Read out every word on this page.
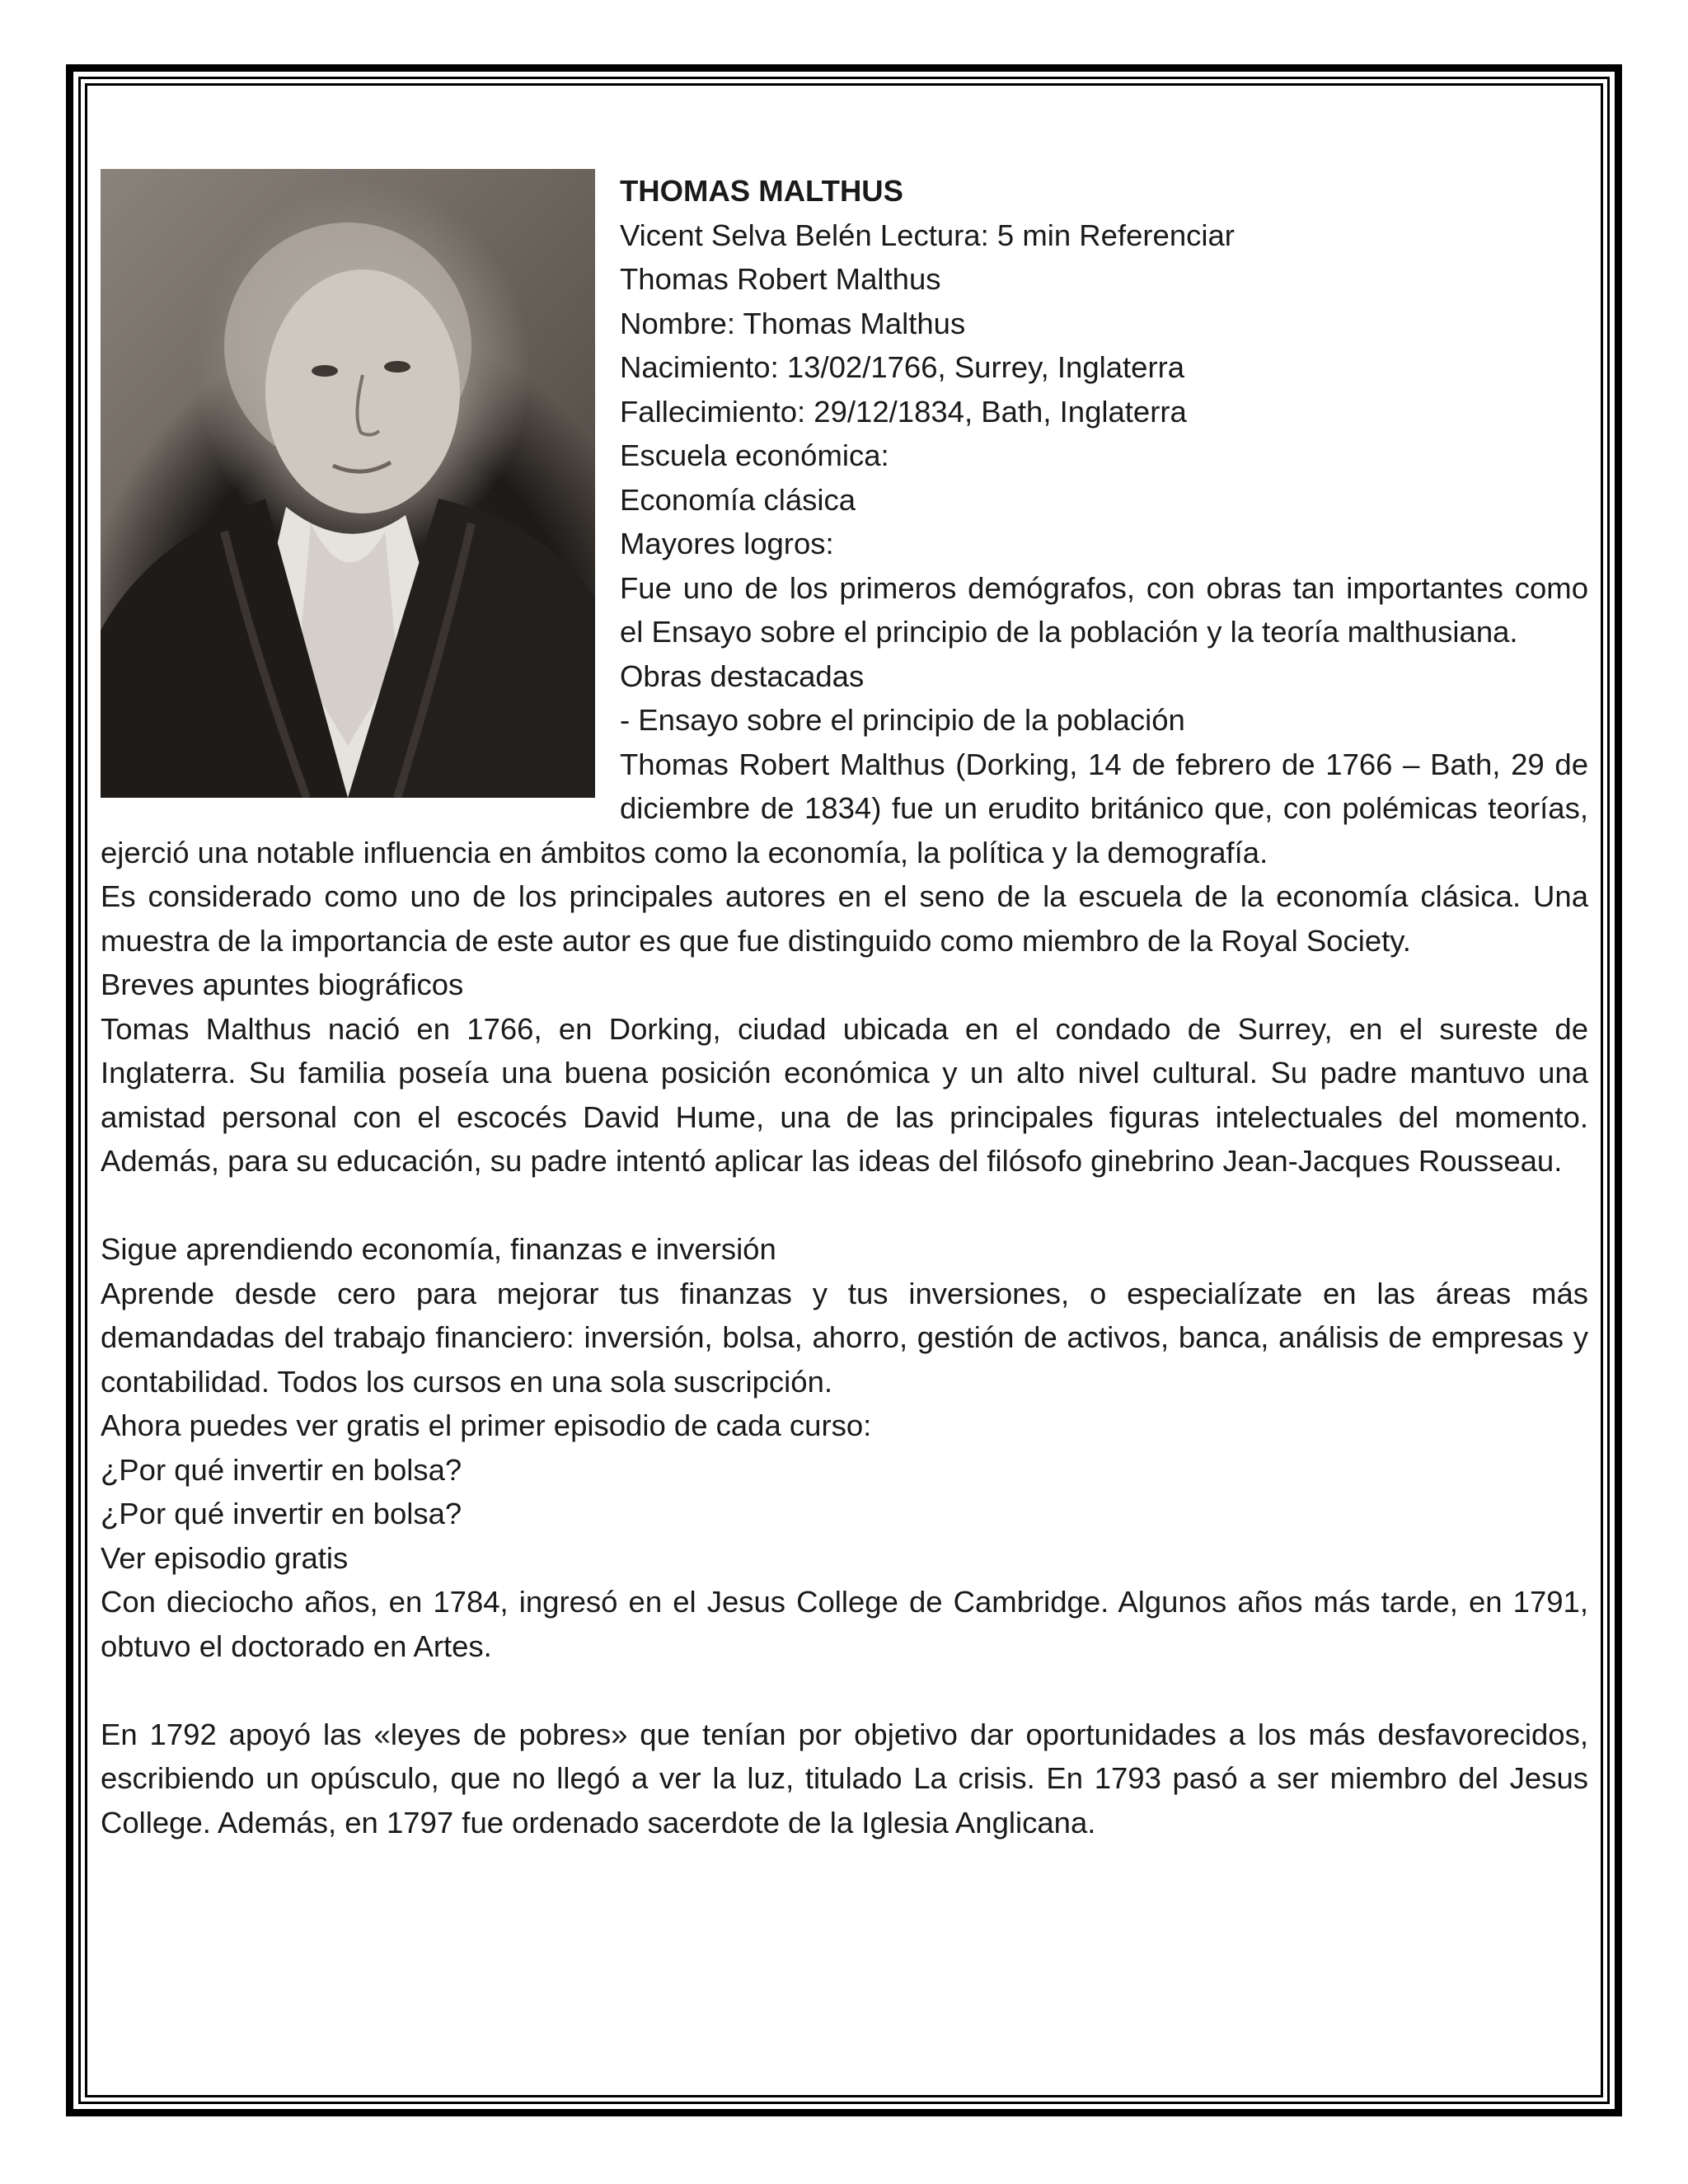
THOMAS MALTHUS
Vicent Selva Belén Lectura: 5 min Referenciar
Thomas Robert Malthus
Nombre: Thomas Malthus
Nacimiento: 13/02/1766, Surrey, Inglaterra
Fallecimiento: 29/12/1834, Bath, Inglaterra
Escuela económica:
Economía clásica
Mayores logros:
Fue uno de los primeros demógrafos, con obras tan importantes como el Ensayo sobre el principio de la población y la teoría malthusiana.
Obras destacadas
- Ensayo sobre el principio de la población
Thomas Robert Malthus (Dorking, 14 de febrero de 1766 – Bath, 29 de diciembre de 1834) fue un erudito británico que, con polémicas teorías, ejerció una notable influencia en ámbitos como la economía, la política y la demografía.
Es considerado como uno de los principales autores en el seno de la escuela de la economía clásica. Una muestra de la importancia de este autor es que fue distinguido como miembro de la Royal Society.
Breves apuntes biográficos
Tomas Malthus nació en 1766, en Dorking, ciudad ubicada en el condado de Surrey, en el sureste de Inglaterra. Su familia poseía una buena posición económica y un alto nivel cultural. Su padre mantuvo una amistad personal con el escocés David Hume, una de las principales figuras intelectuales del momento. Además, para su educación, su padre intentó aplicar las ideas del filósofo ginebrino Jean-Jacques Rousseau.
Sigue aprendiendo economía, finanzas e inversión
Aprende desde cero para mejorar tus finanzas y tus inversiones, o especialízate en las áreas más demandadas del trabajo financiero: inversión, bolsa, ahorro, gestión de activos, banca, análisis de empresas y contabilidad. Todos los cursos en una sola suscripción.
Ahora puedes ver gratis el primer episodio de cada curso:
¿Por qué invertir en bolsa?
¿Por qué invertir en bolsa?
Ver episodio gratis
Con dieciocho años, en 1784, ingresó en el Jesus College de Cambridge. Algunos años más tarde, en 1791, obtuvo el doctorado en Artes.
En 1792 apoyó las «leyes de pobres» que tenían por objetivo dar oportunidades a los más desfavorecidos, escribiendo un opúsculo, que no llegó a ver la luz, titulado La crisis. En 1793 pasó a ser miembro del Jesus College. Además, en 1797 fue ordenado sacerdote de la Iglesia Anglicana.
